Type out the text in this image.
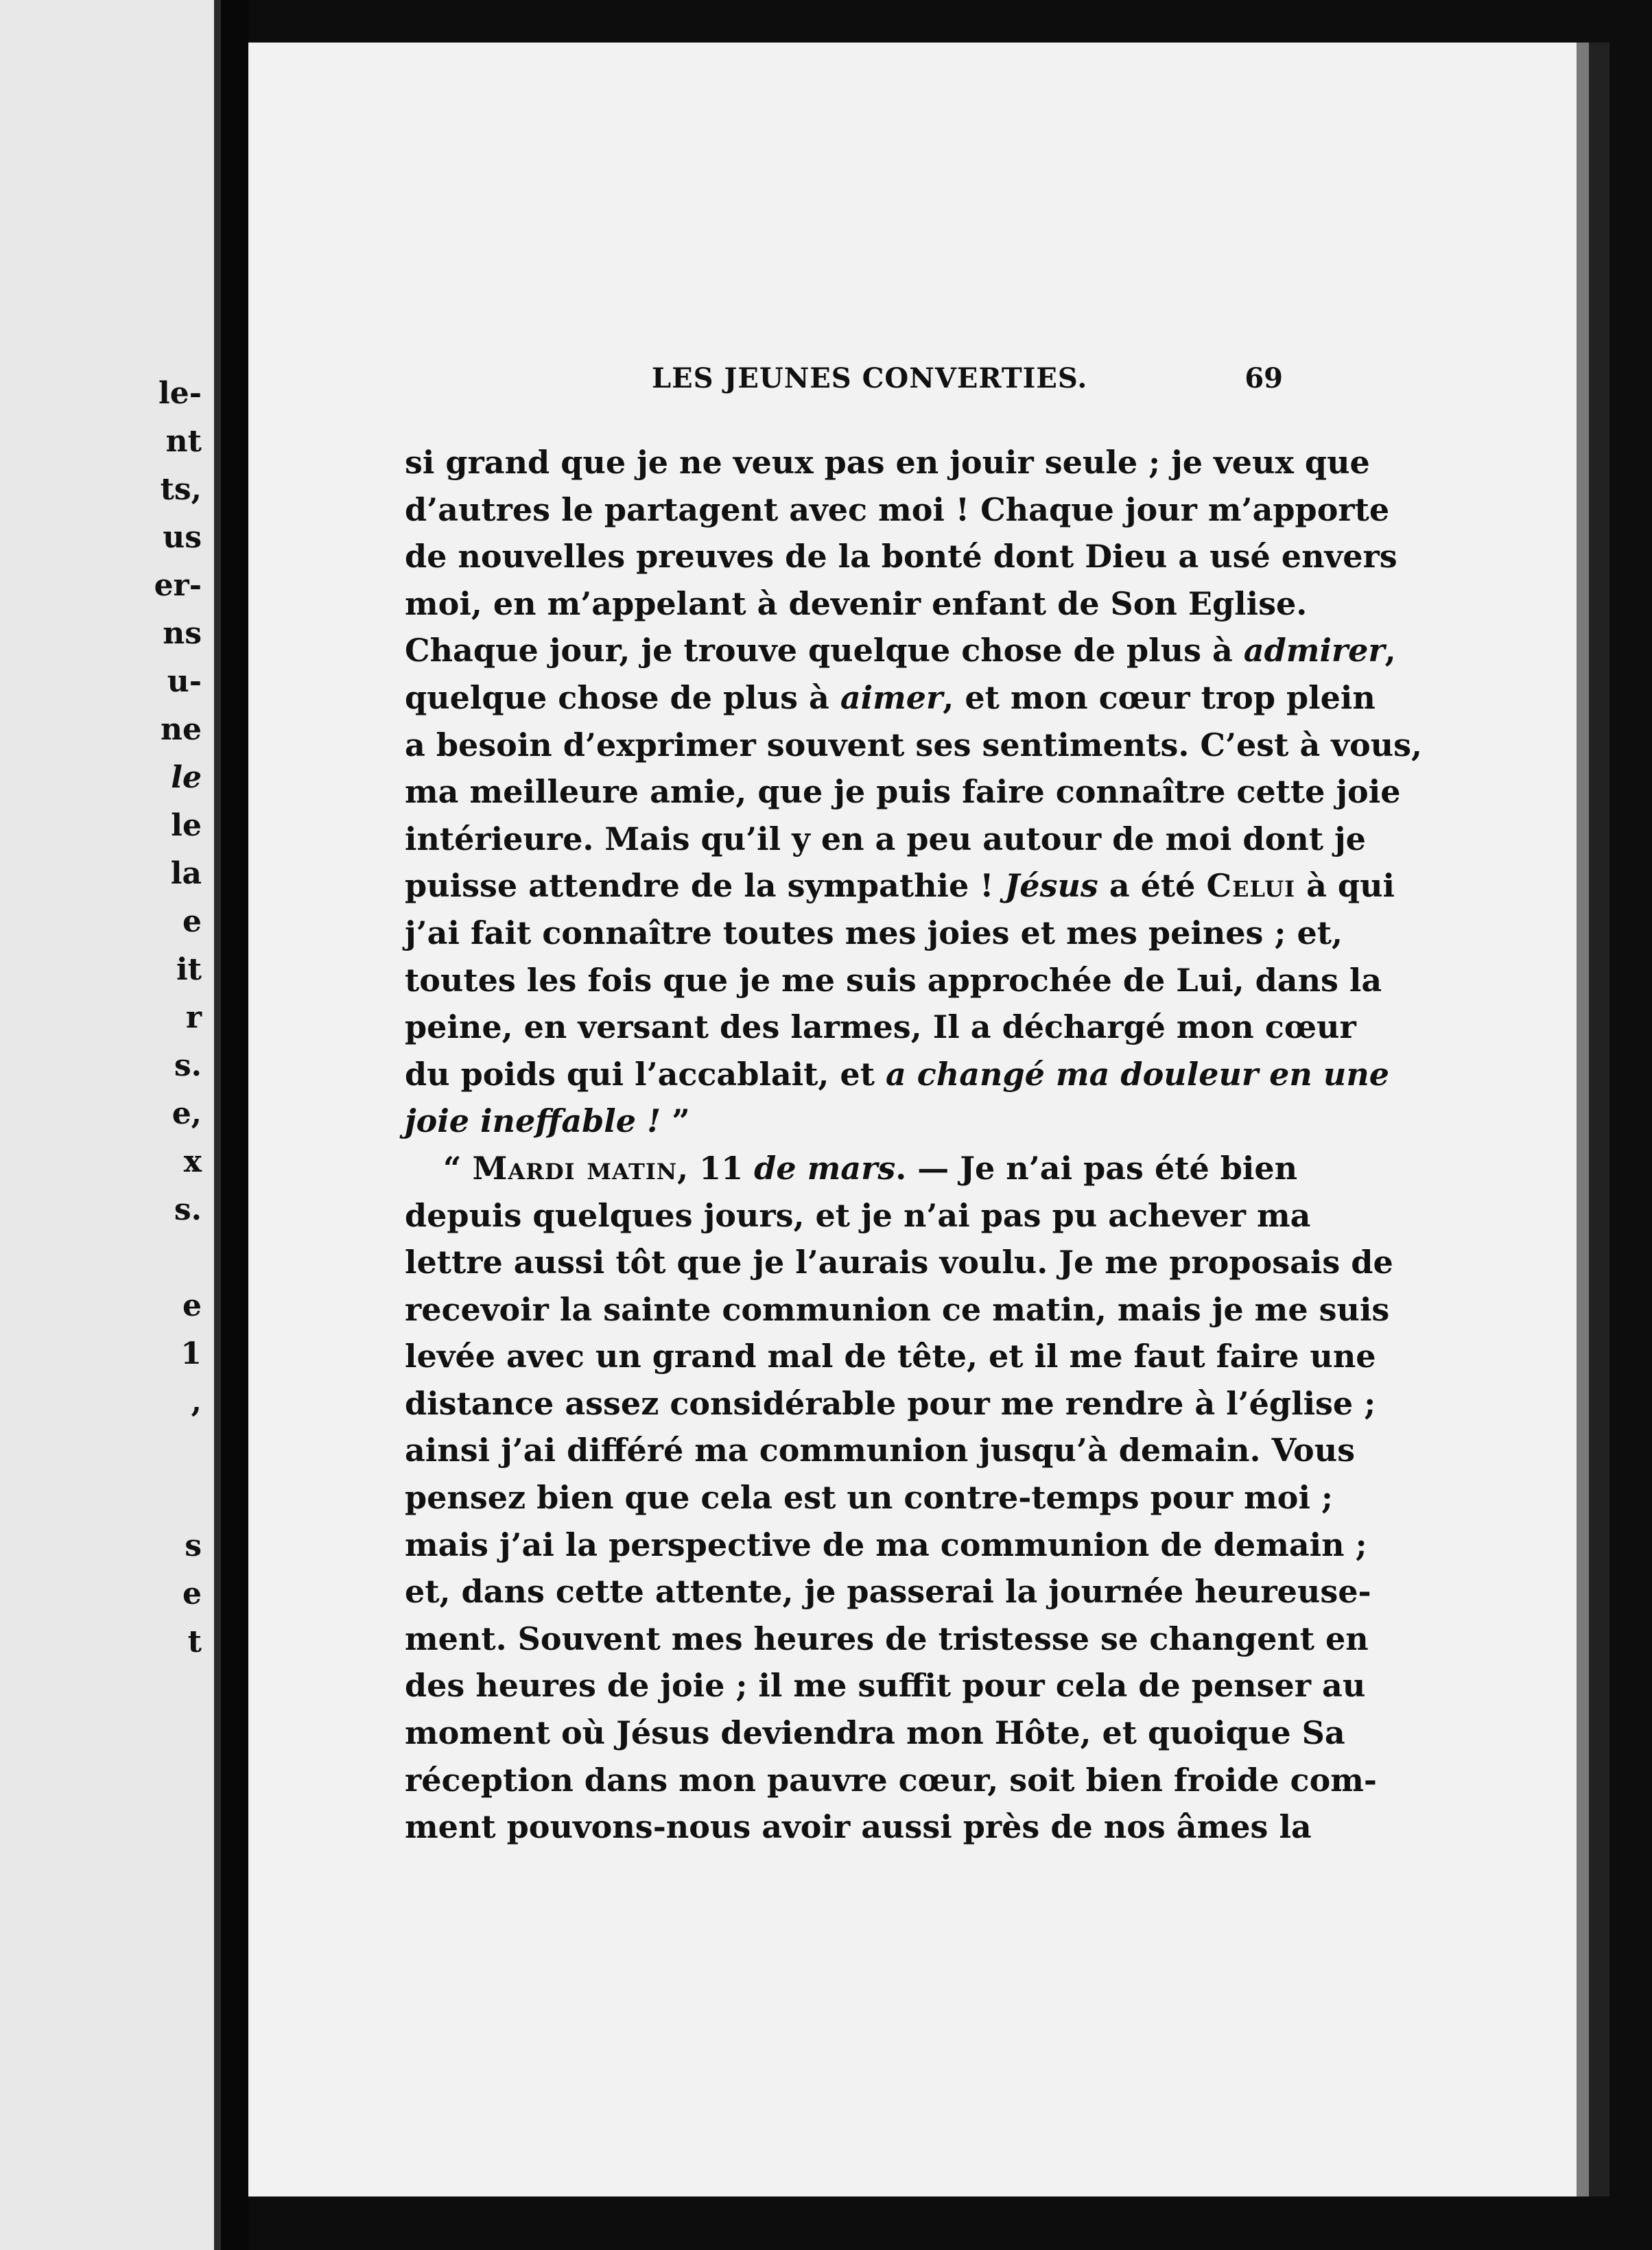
le-
nt
ts,
us
er-
ns
u-
ne
le
le
la
e
it
r
s.
e,
x
s.
e
1
,
s
e
t
LES JEUNES CONVERTIES.	69
si grand que je ne veux pas en jouir seule ; je veux que
d’autres le partagent avec moi ! Chaque jour m’apporte
de nouvelles preuves de la bonté dont Dieu a usé envers
moi, en m’appelant à devenir enfant de Son Eglise.
Chaque jour, je trouve quelque chose de plus à admirer,
quelque chose de plus à aimer, et mon cœur trop plein
a besoin d’exprimer souvent ses sentiments. C’est à vous,
ma meilleure amie, que je puis faire connaître cette joie
intérieure. Mais qu’il y en a peu autour de moi dont je
puisse attendre de la sympathie ! Jésus a été Celui à qui
j’ai fait connaître toutes mes joies et mes peines ; et,
toutes les fois que je me suis approchée de Lui, dans la
peine, en versant des larmes, Il a déchargé mon cœur
du poids qui l’accablait, et a changé ma douleur en une
joie ineffable ! ”
“ Mardi matin, 11 de mars. — Je n’ai pas été bien
depuis quelques jours, et je n’ai pas pu achever ma
lettre aussi tôt que je l’aurais voulu. Je me proposais de
recevoir la sainte communion ce matin, mais je me suis
levée avec un grand mal de tête, et il me faut faire une
distance assez considérable pour me rendre à l’église ;
ainsi j’ai différé ma communion jusqu’à demain. Vous
pensez bien que cela est un contre-temps pour moi ;
mais j’ai la perspective de ma communion de demain ;
et, dans cette attente, je passerai la journée heureuse-
ment. Souvent mes heures de tristesse se changent en
des heures de joie ; il me suffit pour cela de penser au
moment où Jésus deviendra mon Hôte, et quoique Sa
réception dans mon pauvre cœur, soit bien froide com-
ment pouvons-nous avoir aussi près de nos âmes la
